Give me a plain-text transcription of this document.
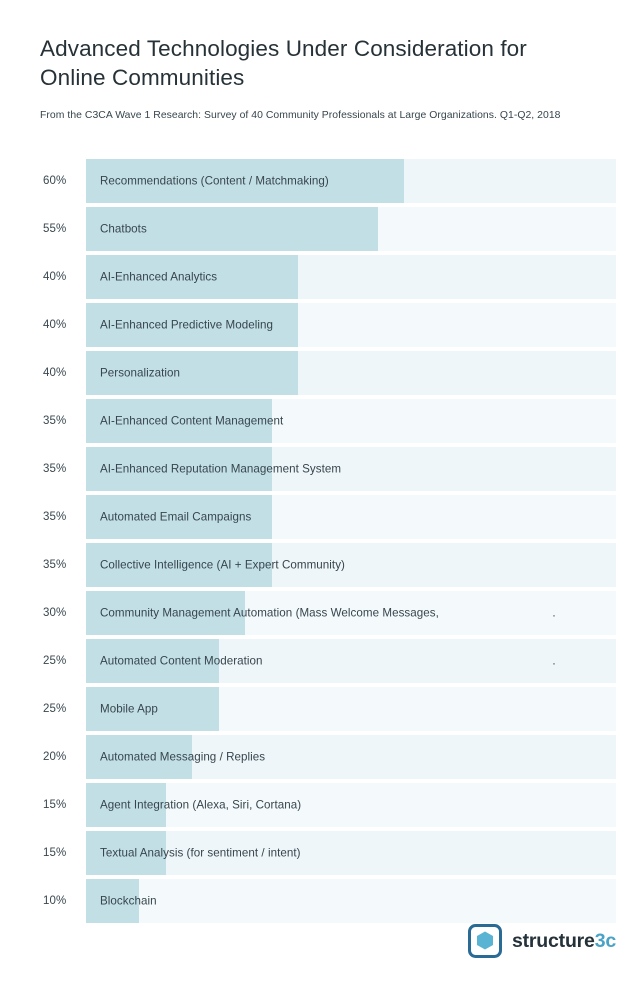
Advanced Technologies Under Consideration for Online Communities

From the C3CA Wave 1 Research: Survey of 40 Community Professionals at Large Organizations. Q1-Q2, 2018

60%	Recommendations (Content / Matchmaking)
55%	Chatbots
40%	AI-Enhanced Analytics
40%	AI-Enhanced Predictive Modeling
40%	Personalization
35%	AI-Enhanced Content Management
35%	AI-Enhanced Reputation Management System
35%	Automated Email Campaigns
35%	Collective Intelligence (AI + Expert Community)
30%	Community Management Automation (Mass Welcome Messages,	.
25%	Automated Content Moderation	.
25%	Mobile App
20%	Automated Messaging / Replies
15%	Agent Integration (Alexa, Siri, Cortana)
15%	Textual Analysis (for sentiment / intent)
10%	Blockchain
structure3c
